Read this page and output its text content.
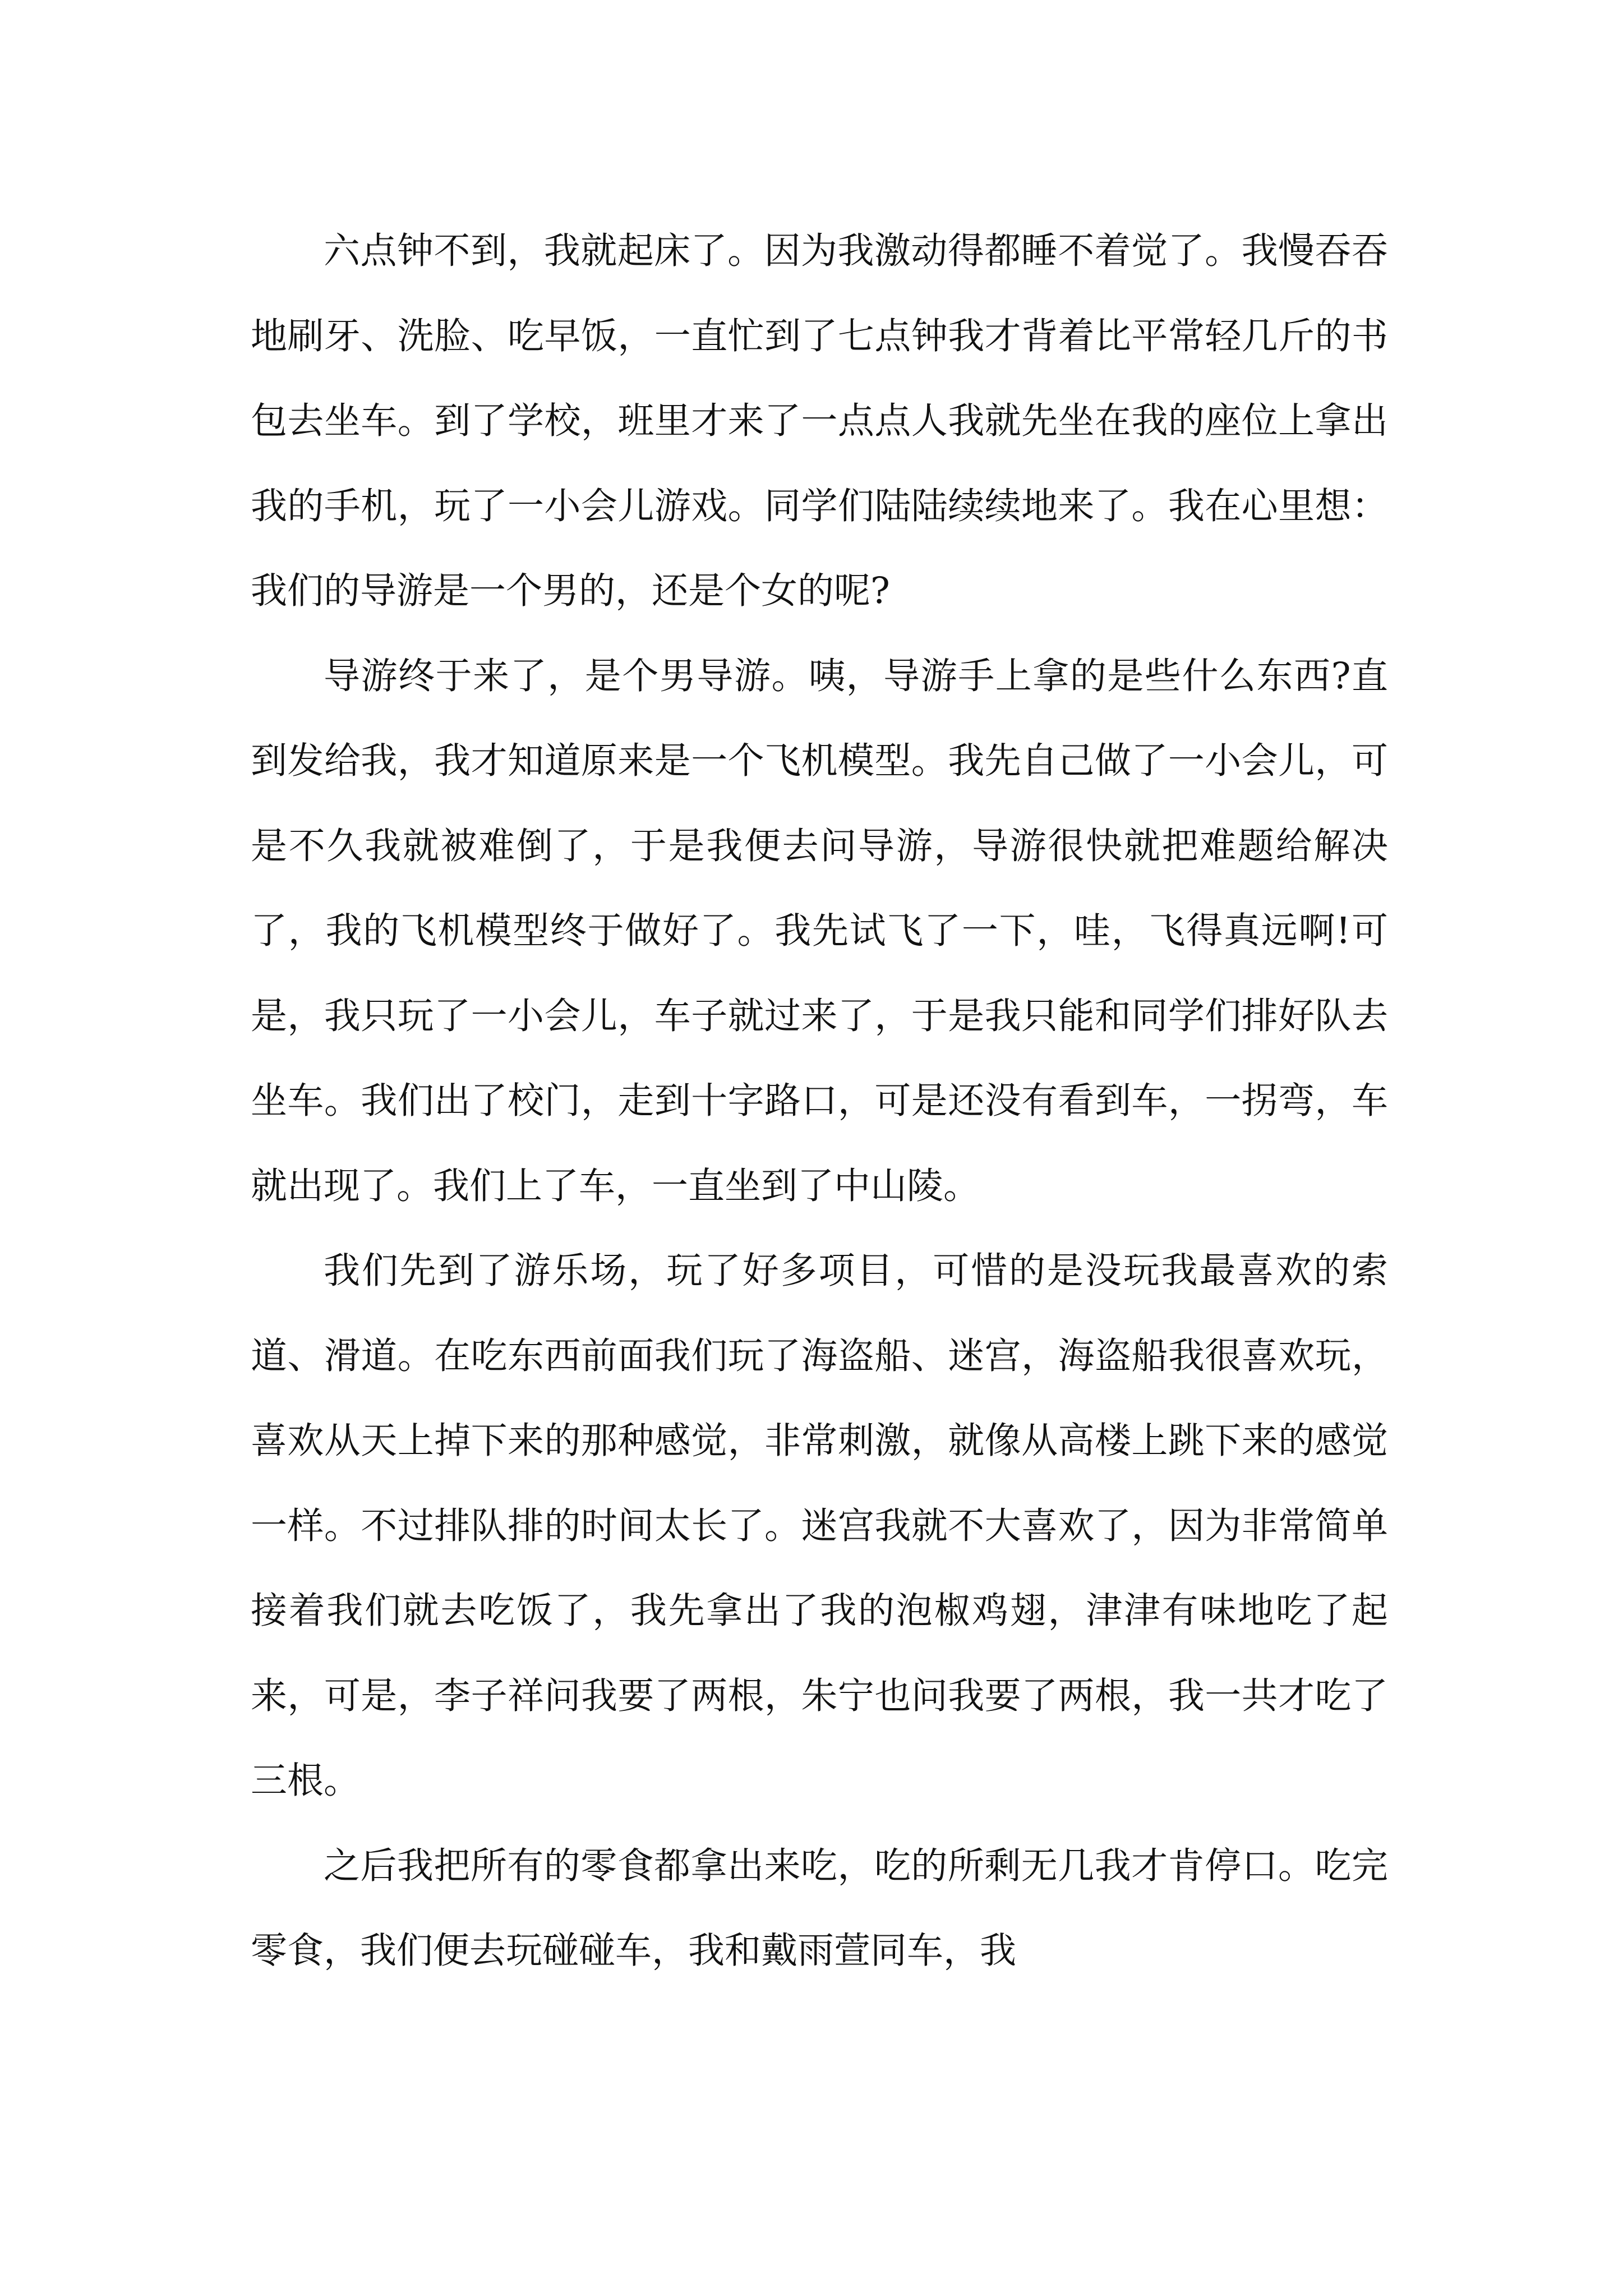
六点钟不到，我就起床了。因为我激动得都睡不着觉了。我慢吞吞地刷牙、洗脸、吃早饭，一直忙到了七点钟我才背着比平常轻几斤的书包去坐车。到了学校，班里才来了一点点人我就先坐在我的座位上拿出我的手机，玩了一小会儿游戏。同学们陆陆续续地来了。我在心里想：我们的导游是一个男的，还是个女的呢?

导游终于来了，是个男导游。咦，导游手上拿的是些什么东西?直到发给我，我才知道原来是一个飞机模型。我先自己做了一小会儿，可是不久我就被难倒了，于是我便去问导游，导游很快就把难题给解决了，我的飞机模型终于做好了。我先试飞了一下，哇，飞得真远啊!可是，我只玩了一小会儿，车子就过来了，于是我只能和同学们排好队去坐车。我们出了校门，走到十字路口，可是还没有看到车，一拐弯，车就出现了。我们上了车，一直坐到了中山陵。

我们先到了游乐场，玩了好多项目，可惜的是没玩我最喜欢的索道、滑道。在吃东西前面我们玩了海盗船、迷宫，海盗船我很喜欢玩，喜欢从天上掉下来的那种感觉，非常刺激，就像从高楼上跳下来的感觉一样。不过排队排的时间太长了。迷宫我就不大喜欢了，因为非常简单接着我们就去吃饭了，我先拿出了我的泡椒鸡翅，津津有味地吃了起来，可是，李子祥问我要了两根，朱宁也问我要了两根，我一共才吃了三根。

之后我把所有的零食都拿出来吃，吃的所剩无几我才肯停口。吃完零食，我们便去玩碰碰车，我和戴雨萱同车，我
